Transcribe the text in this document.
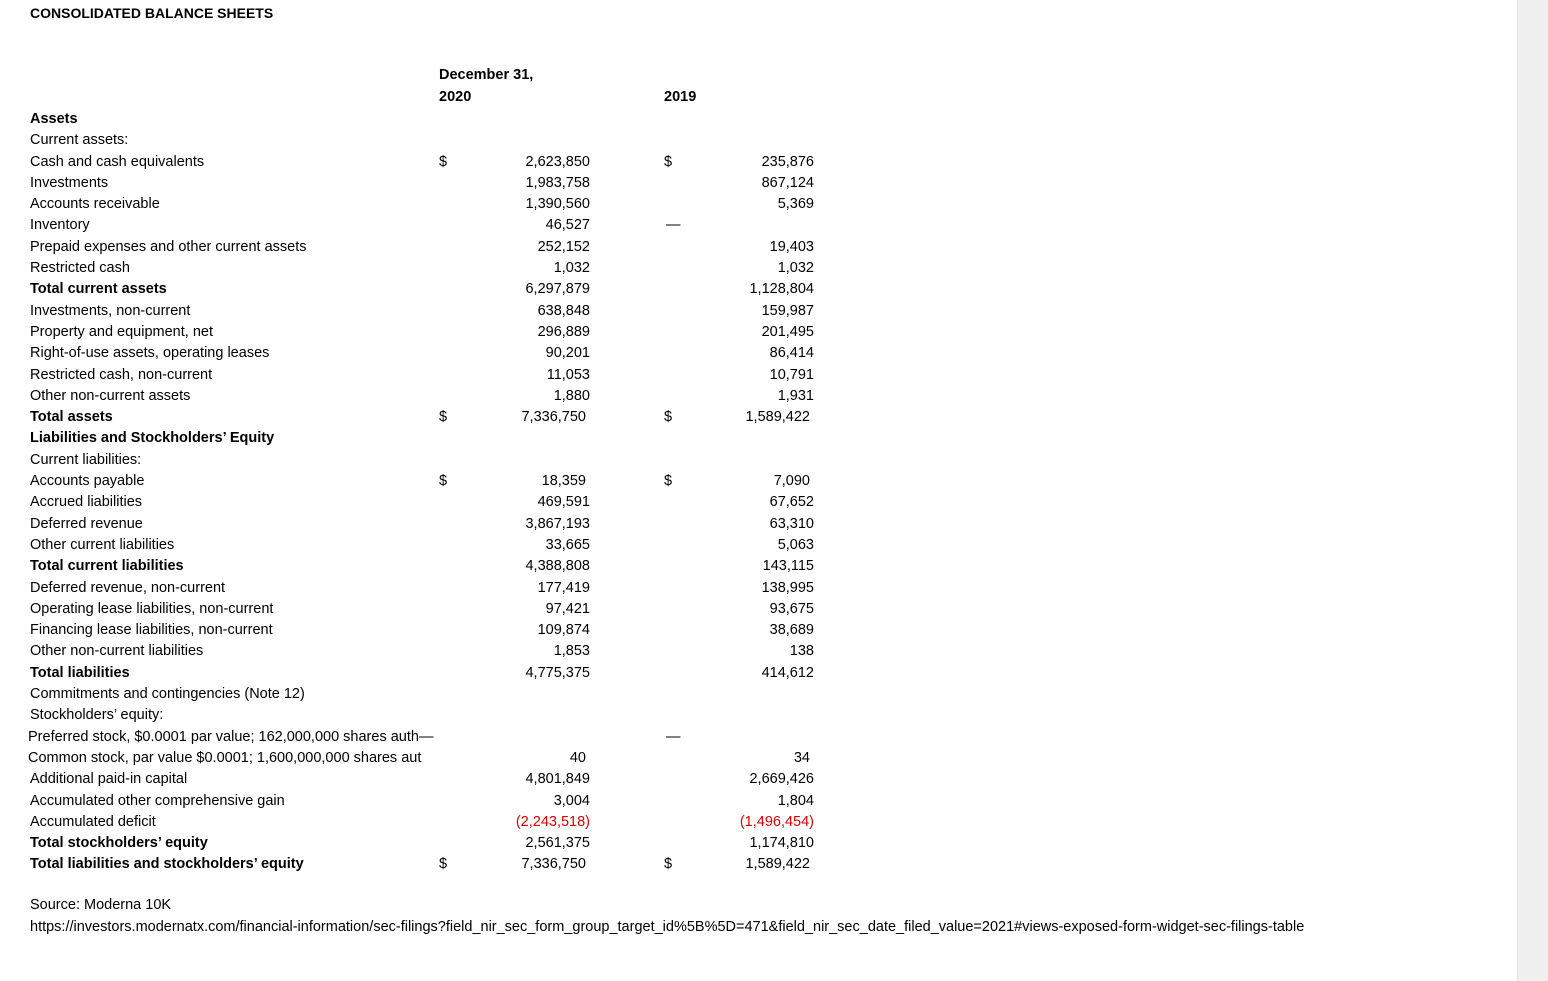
CONSOLIDATED BALANCE SHEETS
December 31,
2020	2019
Assets
Current assets:
Cash and cash equivalents	$	2,623,850	$	235,876
Investments	1,983,758	867,124
Accounts receivable	1,390,560	5,369
Inventory	46,527	—
Prepaid expenses and other current assets	252,152	19,403
Restricted cash	1,032	1,032
Total current assets	6,297,879	1,128,804
Investments, non-current	638,848	159,987
Property and equipment, net	296,889	201,495
Right-of-use assets, operating leases	90,201	86,414
Restricted cash, non-current	11,053	10,791
Other non-current assets	1,880	1,931
Total assets	$	7,336,750	$	1,589,422
Liabilities and Stockholders’ Equity
Current liabilities:
Accounts payable	$	18,359	$	7,090
Accrued liabilities	469,591	67,652
Deferred revenue	3,867,193	63,310
Other current liabilities	33,665	5,063
Total current liabilities	4,388,808	143,115
Deferred revenue, non-current	177,419	138,995
Operating lease liabilities, non-current	97,421	93,675
Financing lease liabilities, non-current	109,874	38,689
Other non-current liabilities	1,853	138
Total liabilities	4,775,375	414,612
Commitments and contingencies (Note 12)
Stockholders’ equity:
Preferred stock, $0.0001 par value; 162,000,000 shares auth—	—
Common stock, par value $0.0001; 1,600,000,000 shares aut	40	34
Additional paid-in capital	4,801,849	2,669,426
Accumulated other comprehensive gain	3,004	1,804
Accumulated deficit	(2,243,518)	(1,496,454)
Total stockholders’ equity	2,561,375	1,174,810
Total liabilities and stockholders’ equity	$	7,336,750	$	1,589,422
Source: Moderna 10K
https://investors.modernatx.com/financial-information/sec-filings?field_nir_sec_form_group_target_id%5B%5D=471&field_nir_sec_date_filed_value=2021#views-exposed-form-widget-sec-filings-table
